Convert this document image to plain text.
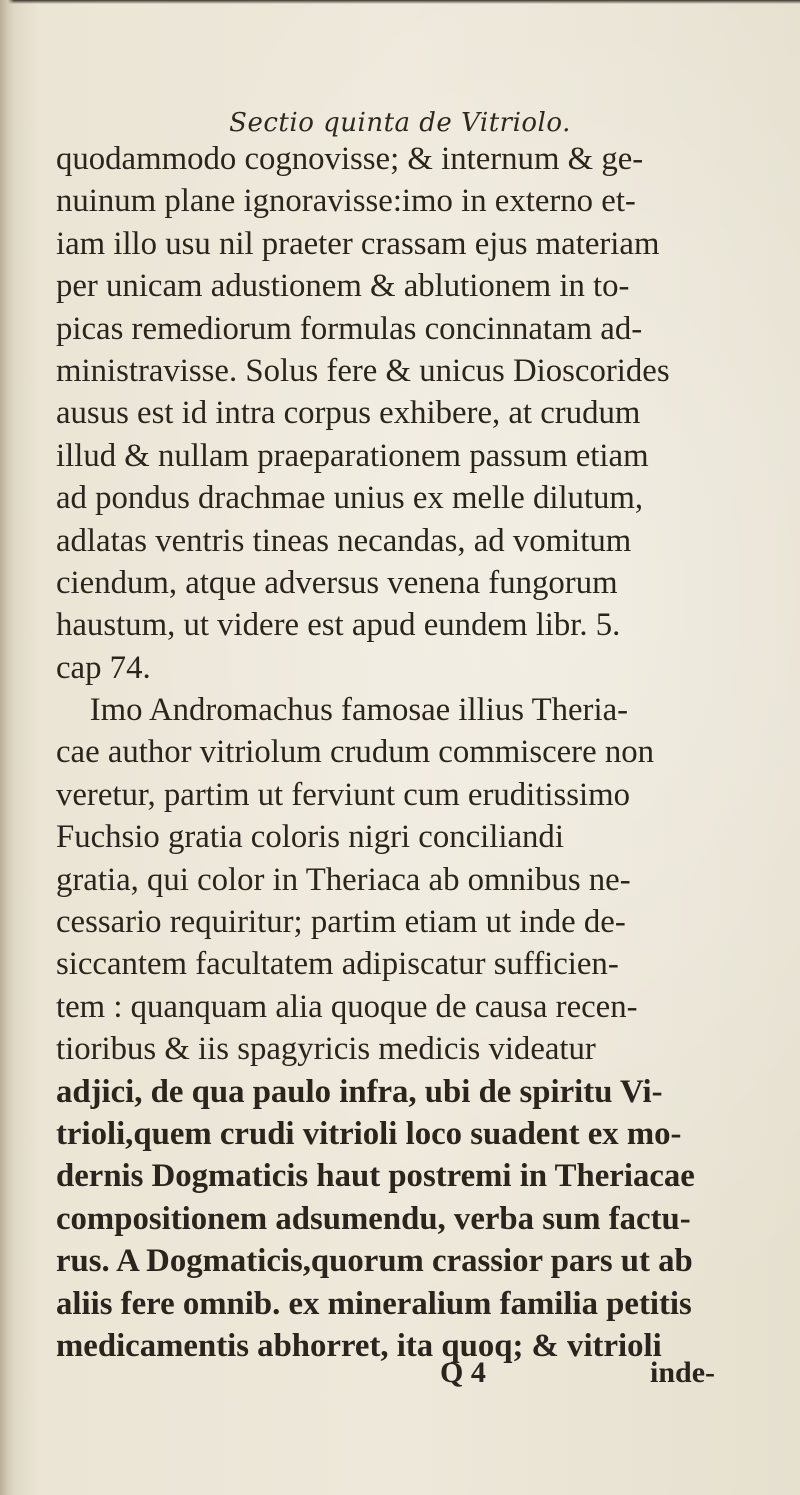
Sectio quinta de Vitriolo.
quodammodo cognovisse; & internum & ge-
nuinum plane ignoravisse:imo in externo et-
iam illo usu nil praeter crassam ejus materiam
per unicam adustionem & ablutionem in to-
picas remediorum formulas concinnatam ad-
ministravisse. Solus fere & unicus Dioscorides
ausus est id intra corpus exhibere, at crudum
illud & nullam praeparationem passum etiam
ad pondus drachmae unius ex melle dilutum,
adlatas ventris tineas necandas, ad vomitum
ciendum, atque adversus venena fungorum
haustum, ut videre est apud eundem libr. 5.
cap 74.
Imo Andromachus famosae illius Theria-
cae author vitriolum crudum commiscere non
veretur, partim ut ferviunt cum eruditissimo
Fuchsio gratia coloris nigri conciliandi
gratia, qui color in Theriaca ab omnibus ne-
cessario requiritur; partim etiam ut inde de-
siccantem facultatem adipiscatur sufficien-
tem : quanquam alia quoque de causa recen-
tioribus & iis spagyricis medicis videatur
adjici, de qua paulo infra, ubi de spiritu Vi-
trioli,quem crudi vitrioli loco suadent ex mo-
dernis Dogmaticis haut postremi in Theriacae
compositionem adsumendu, verba sum factu-
rus. A Dogmaticis,quorum crassior pars ut ab
aliis fere omnib. ex mineralium familia petitis
medicamentis abhorret, ita quoq; & vitrioli
Q 4	inde-
